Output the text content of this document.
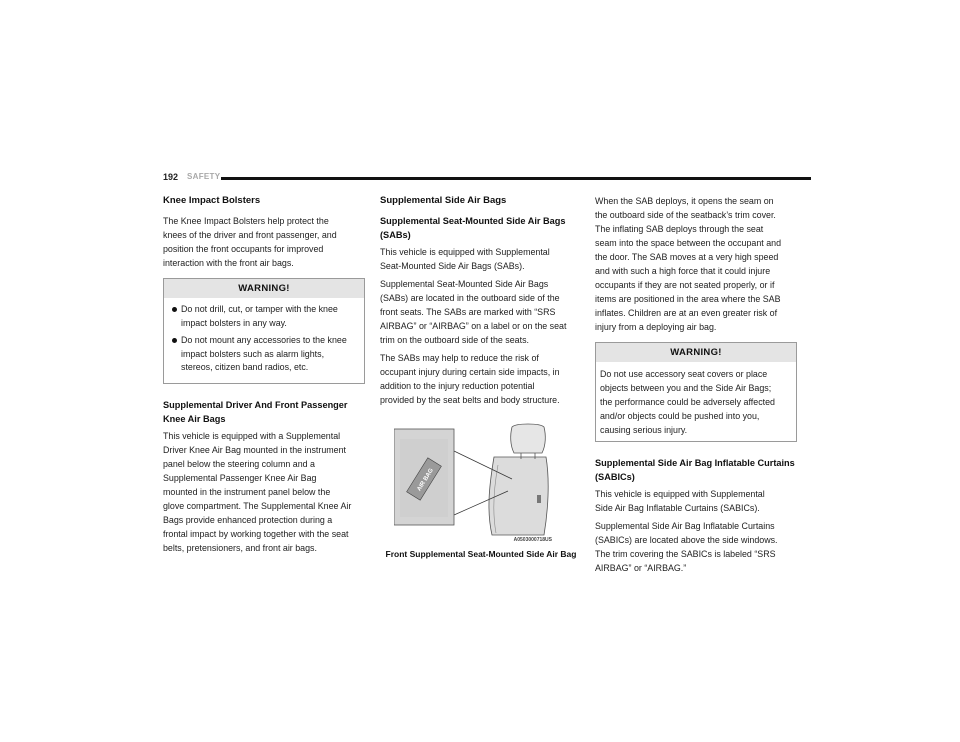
192 SAFETY
Knee Impact Bolsters
The Knee Impact Bolsters help protect the
knees of the driver and front passenger, and
position the front occupants for improved
interaction with the front air bags.
WARNING!
Do not drill, cut, or tamper with the knee
impact bolsters in any way.
Do not mount any accessories to the knee
impact bolsters such as alarm lights,
stereos, citizen band radios, etc.
Supplemental Driver And Front Passenger
Knee Air Bags
This vehicle is equipped with a Supplemental
Driver Knee Air Bag mounted in the instrument
panel below the steering column and a
Supplemental Passenger Knee Air Bag
mounted in the instrument panel below the
glove compartment. The Supplemental Knee Air
Bags provide enhanced protection during a
frontal impact by working together with the seat
belts, pretensioners, and front air bags.
Supplemental Side Air Bags
Supplemental Seat-Mounted Side Air Bags
(SABs)
This vehicle is equipped with Supplemental
Seat-Mounted Side Air Bags (SABs).
Supplemental Seat-Mounted Side Air Bags
(SABs) are located in the outboard side of the
front seats. The SABs are marked with “SRS
AIRBAG” or “AIRBAG” on a label or on the seat
trim on the outboard side of the seats.
The SABs may help to reduce the risk of
occupant injury during certain side impacts, in
addition to the injury reduction potential
provided by the seat belts and body structure.
AIR BAG
A0503000718US
Front Supplemental Seat-Mounted Side Air Bag
When the SAB deploys, it opens the seam on
the outboard side of the seatback’s trim cover.
The inflating SAB deploys through the seat
seam into the space between the occupant and
the door. The SAB moves at a very high speed
and with such a high force that it could injure
occupants if they are not seated properly, or if
items are positioned in the area where the SAB
inflates. Children are at an even greater risk of
injury from a deploying air bag.
WARNING!
Do not use accessory seat covers or place
objects between you and the Side Air Bags;
the performance could be adversely affected
and/or objects could be pushed into you,
causing serious injury.
Supplemental Side Air Bag Inflatable Curtains
(SABICs)
This vehicle is equipped with Supplemental
Side Air Bag Inflatable Curtains (SABICs).
Supplemental Side Air Bag Inflatable Curtains
(SABICs) are located above the side windows.
The trim covering the SABICs is labeled “SRS
AIRBAG” or “AIRBAG.”
